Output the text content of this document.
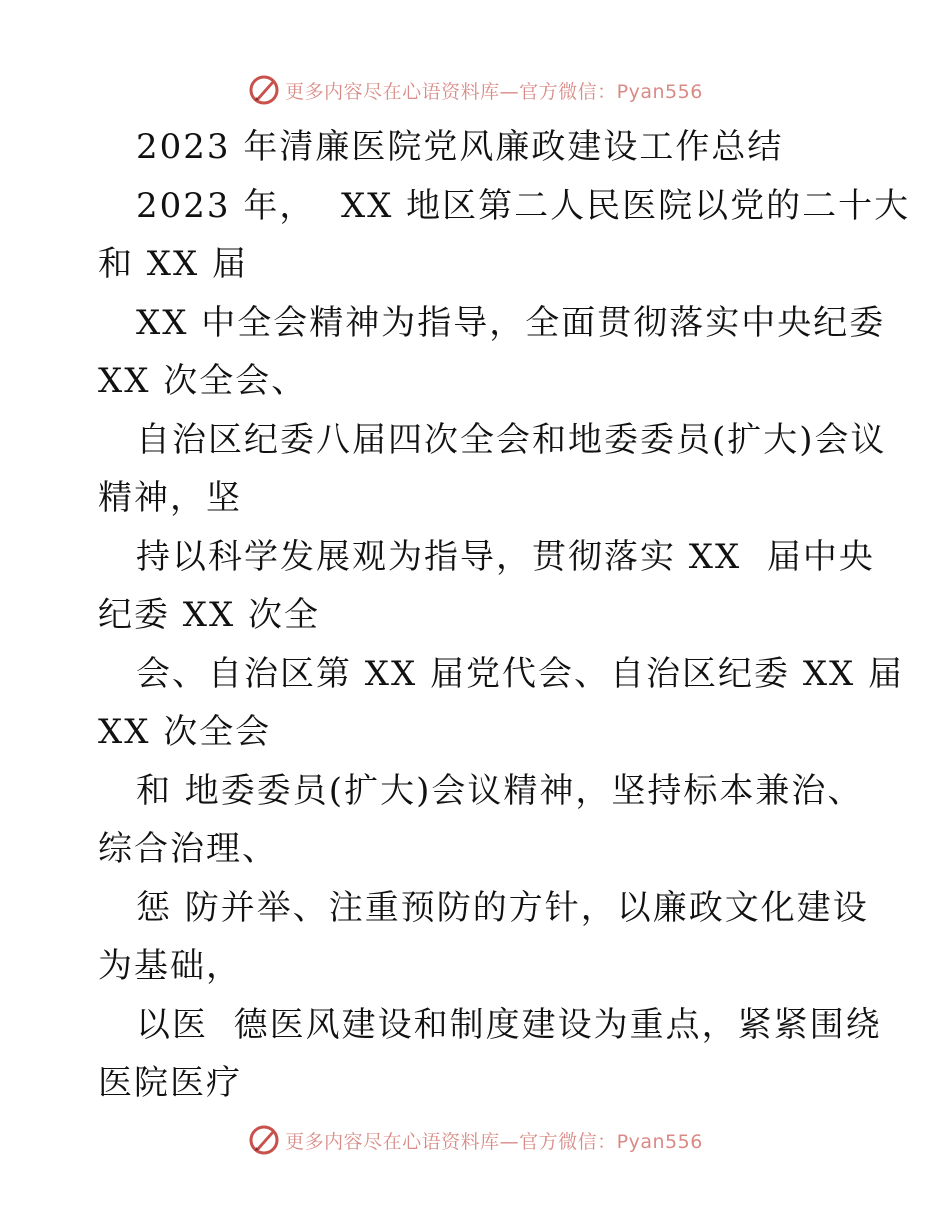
更多内容尽在心语资料库—官方微信：Pyan556
2023 年清廉医院党风廉政建设工作总结
2023 年，  XX 地区第二人民医院以党的二十大
和 XX 届
XX 中全会精神为指导，全面贯彻落实中央纪委
XX 次全会、
自治区纪委八届四次全会和地委委员(扩大)会议
精神，坚
持以科学发展观为指导，贯彻落实 XX  届中央
纪委 XX 次全
会、自治区第 XX 届党代会、自治区纪委 XX 届
XX 次全会
和 地委委员(扩大)会议精神，坚持标本兼治、
综合治理、
惩 防并举、注重预防的方针，以廉政文化建设
为基础，
以医  德医风建设和制度建设为重点，紧紧围绕
医院医疗
更多内容尽在心语资料库—官方微信：Pyan556
